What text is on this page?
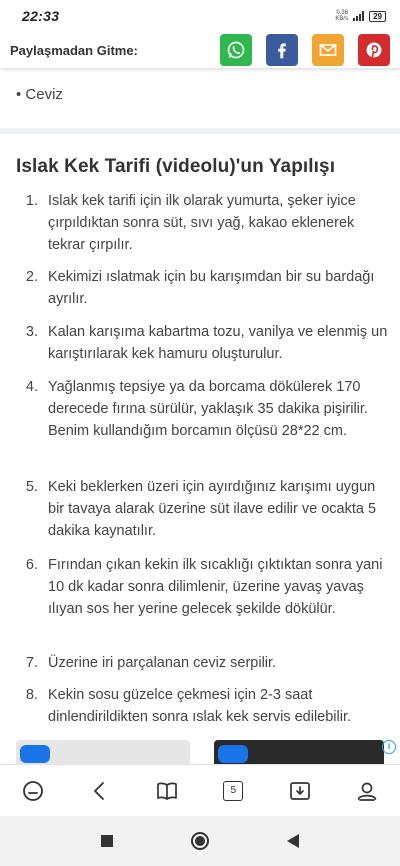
22:33	0.36
KB/s	29
Paylaşmadan Gitme:
• Ceviz
Islak Kek Tarifi (videolu)'un Yapılışı
1. Islak kek tarifi için ilk olarak yumurta, şeker iyice çırpıldıktan sonra süt, sıvı yağ, kakao eklenerek tekrar çırpılır.
2. Kekimizi ıslatmak için bu karışımdan bir su bardağı ayrılır.
3. Kalan karışıma kabartma tozu, vanilya ve elenmiş un karıştırılarak kek hamuru oluşturulur.
4. Yağlanmış tepsiye ya da borcama dökülerek 170 derecede fırına sürülür, yaklaşık 35 dakika pişirilir. Benim kullandığım borcamın ölçüsü 28*22 cm.
5. Keki beklerken üzeri için ayırdığınız karışımı uygun bir tavaya alarak üzerine süt ilave edilir ve ocakta 5 dakika kaynatılır.
6. Fırından çıkan kekin ilk sıcaklığı çıktıktan sonra yani 10 dk kadar sonra dilimlenir, üzerine yavaş yavaş ılıyan sos her yerine gelecek şekilde dökülür.
7. Üzerine iri parçalanan ceviz serpilir.
8. Kekin sosu güzelce çekmesi için 2-3 saat dinlendirildikten sonra ıslak kek servis edilebilir.
i
5
